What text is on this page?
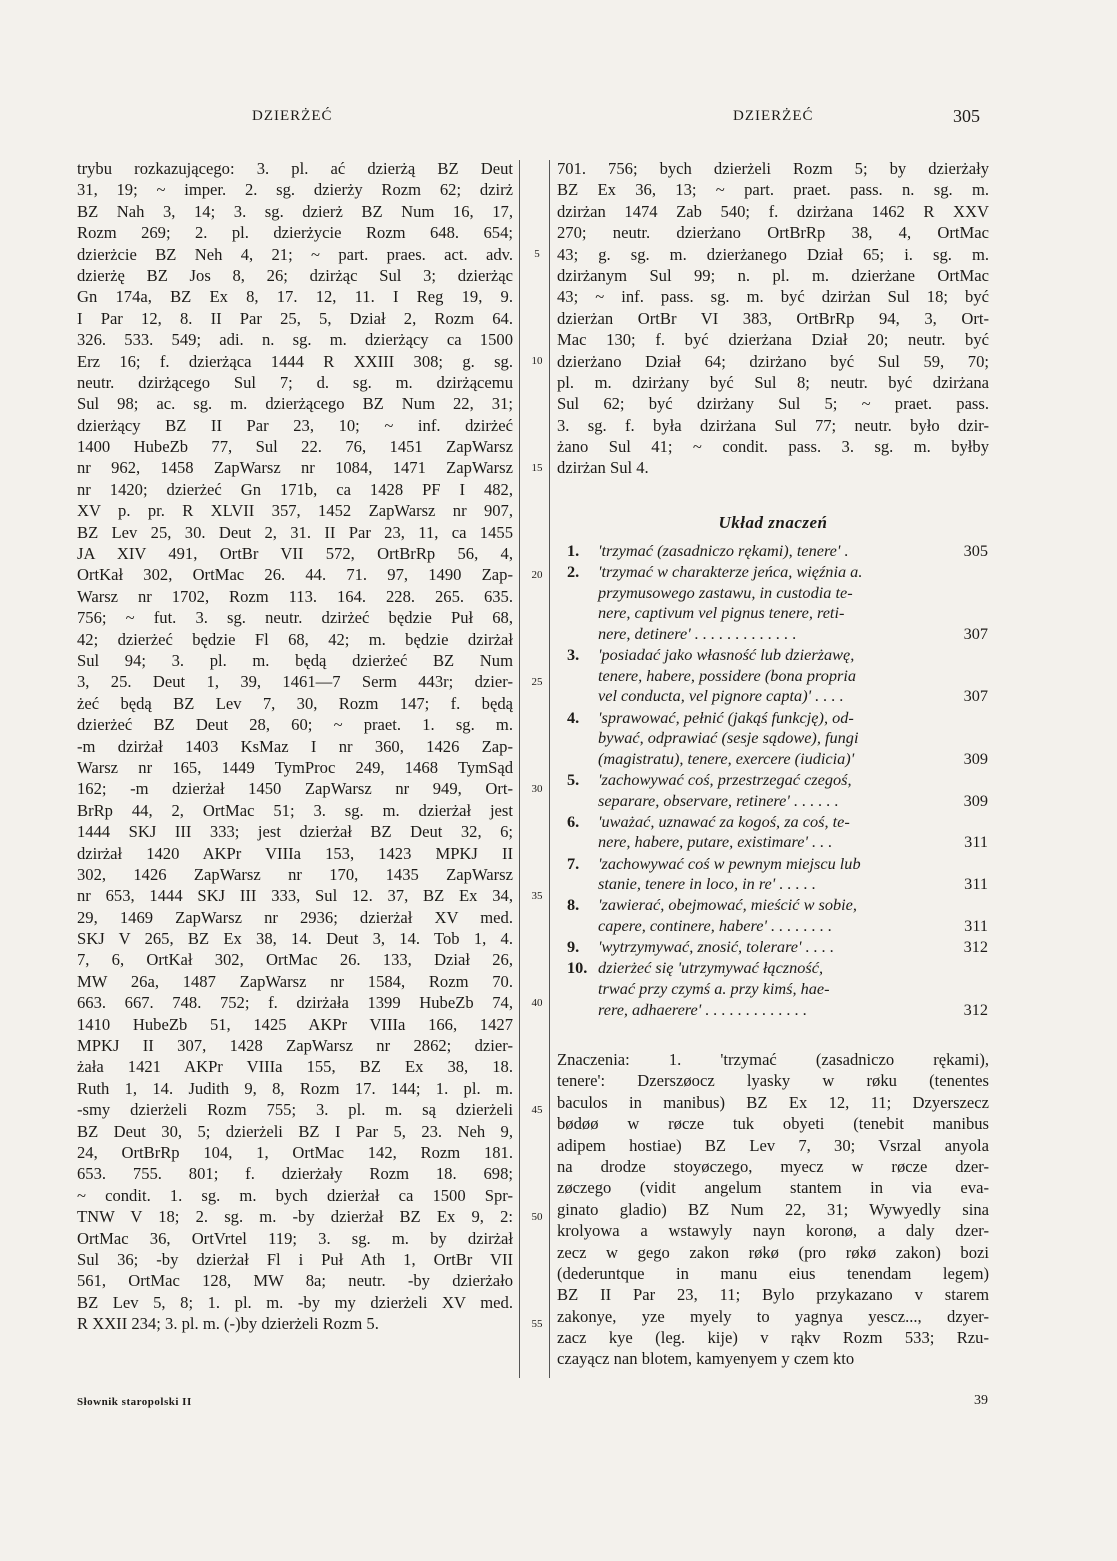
DZIERŻEĆ	DZIERŻEĆ	305
trybu rozkazującego: 3. pl. ać dzierżą BZ Deut
31, 19; ~ imper. 2. sg. dzierży Rozm 62; dzirż
BZ Nah 3, 14; 3. sg. dzierż BZ Num 16, 17,
Rozm 269; 2. pl. dzierżycie Rozm 648. 654;
dzierżcie BZ Neh 4, 21; ~ part. praes. act. adv.
dzierżę BZ Jos 8, 26; dzirżąc Sul 3; dzierżąc
Gn 174a, BZ Ex 8, 17. 12, 11. I Reg 19, 9.
I Par 12, 8. II Par 25, 5, Dział 2, Rozm 64.
326. 533. 549; adi. n. sg. m. dzierżący ca 1500
Erz 16; f. dzierżąca 1444 R XXIII 308; g. sg.
neutr. dzirżącego Sul 7; d. sg. m. dzirżącemu
Sul 98; ac. sg. m. dzierżącego BZ Num 22, 31;
dzierżący BZ II Par 23, 10; ~ inf. dzirżeć
1400 HubeZb 77, Sul 22. 76, 1451 ZapWarsz
nr 962, 1458 ZapWarsz nr 1084, 1471 ZapWarsz
nr 1420; dzierżeć Gn 171b, ca 1428 PF I 482,
XV p. pr. R XLVII 357, 1452 ZapWarsz nr 907,
BZ Lev 25, 30. Deut 2, 31. II Par 23, 11, ca 1455
JA XIV 491, OrtBr VII 572, OrtBrRp 56, 4,
OrtKał 302, OrtMac 26. 44. 71. 97, 1490 Zap-
Warsz nr 1702, Rozm 113. 164. 228. 265. 635.
756; ~ fut. 3. sg. neutr. dzirżeć będzie Puł 68,
42; dzierżeć będzie Fl 68, 42; m. będzie dzirżał
Sul 94; 3. pl. m. będą dzierżeć BZ Num
3, 25. Deut 1, 39, 1461—7 Serm 443r; dzier-
żeć będą BZ Lev 7, 30, Rozm 147; f. będą
dzierżeć BZ Deut 28, 60; ~ praet. 1. sg. m.
-m dzirżał 1403 KsMaz I nr 360, 1426 Zap-
Warsz nr 165, 1449 TymProc 249, 1468 TymSąd
162; -m dzierżał 1450 ZapWarsz nr 949, Ort-
BrRp 44, 2, OrtMac 51; 3. sg. m. dzierżał jest
1444 SKJ III 333; jest dzierżał BZ Deut 32, 6;
dzirżał 1420 AKPr VIIIa 153, 1423 MPKJ II
302, 1426 ZapWarsz nr 170, 1435 ZapWarsz
nr 653, 1444 SKJ III 333, Sul 12. 37, BZ Ex 34,
29, 1469 ZapWarsz nr 2936; dzierżał XV med.
SKJ V 265, BZ Ex 38, 14. Deut 3, 14. Tob 1, 4.
7, 6, OrtKał 302, OrtMac 26. 133, Dział 26,
MW 26a, 1487 ZapWarsz nr 1584, Rozm 70.
663. 667. 748. 752; f. dzirżała 1399 HubeZb 74,
1410 HubeZb 51, 1425 AKPr VIIIa 166, 1427
MPKJ II 307, 1428 ZapWarsz nr 2862; dzier-
żała 1421 AKPr VIIIa 155, BZ Ex 38, 18.
Ruth 1, 14. Judith 9, 8, Rozm 17. 144; 1. pl. m.
-smy dzierżeli Rozm 755; 3. pl. m. są dzierżeli
BZ Deut 30, 5; dzierżeli BZ I Par 5, 23. Neh 9,
24, OrtBrRp 104, 1, OrtMac 142, Rozm 181.
653. 755. 801; f. dzierżały Rozm 18. 698;
~ condit. 1. sg. m. bych dzierżał ca 1500 Spr-
TNW V 18; 2. sg. m. -by dzierżał BZ Ex 9, 2:
OrtMac 36, OrtVrtel 119; 3. sg. m. by dzirżał
Sul 36; -by dzierżał Fl i Puł Ath 1, OrtBr VII
561, OrtMac 128, MW 8a; neutr. -by dzierżało
BZ Lev 5, 8; 1. pl. m. -by my dzierżeli XV med.
R XXII 234; 3. pl. m. (-)by dzierżeli Rozm 5.
5
10
15
20
25
30
35
40
45
50
55
701. 756; bych dzierżeli Rozm 5; by dzierżały
BZ Ex 36, 13; ~ part. praet. pass. n. sg. m.
dzirżan 1474 Zab 540; f. dzirżana 1462 R XXV
270; neutr. dzierżano OrtBrRp 38, 4, OrtMac
43; g. sg. m. dzierżanego Dział 65; i. sg. m.
dzirżanym Sul 99; n. pl. m. dzierżane OrtMac
43; ~ inf. pass. sg. m. być dzirżan Sul 18; być
dzierżan OrtBr VI 383, OrtBrRp 94, 3, Ort-
Mac 130; f. być dzierżana Dział 20; neutr. być
dzierżano Dział 64; dzirżano być Sul 59, 70;
pl. m. dzirżany być Sul 8; neutr. być dzirżana
Sul 62; być dzirżany Sul 5; ~ praet. pass.
3. sg. f. była dzirżana Sul 77; neutr. było dzir-
żano Sul 41; ~ condit. pass. 3. sg. m. byłby
dzirżan Sul 4.
Układ znaczeń
1. 'trzymać (zasadniczo rękami), tenere' .	305
2. 'trzymać w charakterze jeńca, więźnia a.
przymusowego zastawu, in custodia te-
nere, captivum vel pignus tenere, reti-
nere, detinere' . . . . . . . . . . . . .	307
3. 'posiadać jako własność lub dzierżawę,
tenere, habere, possidere (bona propria
vel conducta, vel pignore capta)' . . . .	307
4. 'sprawować, pełnić (jakąś funkcję), od-
bywać, odprawiać (sesje sądowe), fungi
(magistratu), tenere, exercere (iudicia)'	309
5. 'zachowywać coś, przestrzegać czegoś,
separare, observare, retinere' . . . . . .	309
6. 'uważać, uznawać za kogoś, za coś, te-
nere, habere, putare, existimare' . . .	311
7. 'zachowywać coś w pewnym miejscu lub
stanie, tenere in loco, in re' . . . . .	311
8. 'zawierać, obejmować, mieścić w sobie,
capere, continere, habere' . . . . . . . .	311
9. 'wytrzymywać, znosić, tolerare' . . . .	312
10. dzierżeć się 'utrzymywać łączność,
trwać przy czymś a. przy kimś, hae-
rere, adhaerere' . . . . . . . . . . . . .	312
Znaczenia: 1. 'trzymać (zasadniczo rękami),
tenere': Dzerszøocz lyasky w røku (tenentes
baculos in manibus) BZ Ex 12, 11; Dzyerszecz
bødøø w røcze tuk obyeti (tenebit manibus
adipem hostiae) BZ Lev 7, 30; Vsrzal anyola
na drodze stoyøczego, myecz w røcze dzer-
zøczego (vidit angelum stantem in via eva-
ginato gladio) BZ Num 22, 31; Wywyedly sina
krolyowa a wstawyly nayn koronø, a daly dzer-
zecz w gego zakon røkø (pro røkø zakon) bozi
(dederuntque in manu eius tenendam legem)
BZ II Par 23, 11; Bylo przykazano v starem
zakonye, yze myely to yagnya yescz..., dzyer-
zacz kye (leg. kije) v rąkv Rozm 533; Rzu-
czayącz nan blotem, kamyenyem y czem kto
Słownik staropolski II	39
